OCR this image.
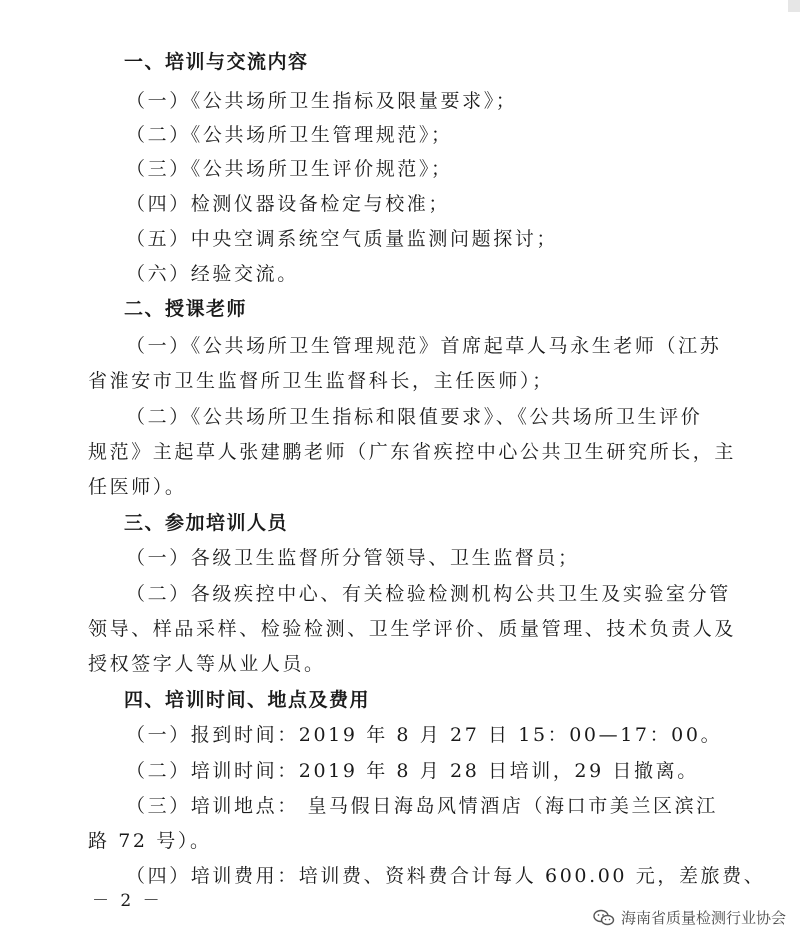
一、培训与交流内容
（一）《公共场所卫生指标及限量要求》；
（二）《公共场所卫生管理规范》；
（三）《公共场所卫生评价规范》；
（四）检测仪器设备检定与校准；
（五）中央空调系统空气质量监测问题探讨；
（六）经验交流。
二、授课老师
（一）《公共场所卫生管理规范》首席起草人马永生老师（江苏
省淮安市卫生监督所卫生监督科长，主任医师）；
（二）《公共场所卫生指标和限值要求》、《公共场所卫生评价
规范》主起草人张建鹏老师（广东省疾控中心公共卫生研究所长，主
任医师）。
三、参加培训人员
（一）各级卫生监督所分管领导、卫生监督员；
（二）各级疾控中心、有关检验检测机构公共卫生及实验室分管
领导、样品采样、检验检测、卫生学评价、质量管理、技术负责人及
授权签字人等从业人员。
四、培训时间、地点及费用
（一）报到时间：2019 年 8 月 27 日 15：00—17：00。
（二）培训时间：2019 年 8 月 28 日培训，29 日撤离。
（三）培训地点： 皇马假日海岛风情酒店（海口市美兰区滨江
路 72 号）。
（四）培训费用：培训费、资料费合计每人 600.00 元，差旅费、
－ 2 －
海南省质量检测行业协会
